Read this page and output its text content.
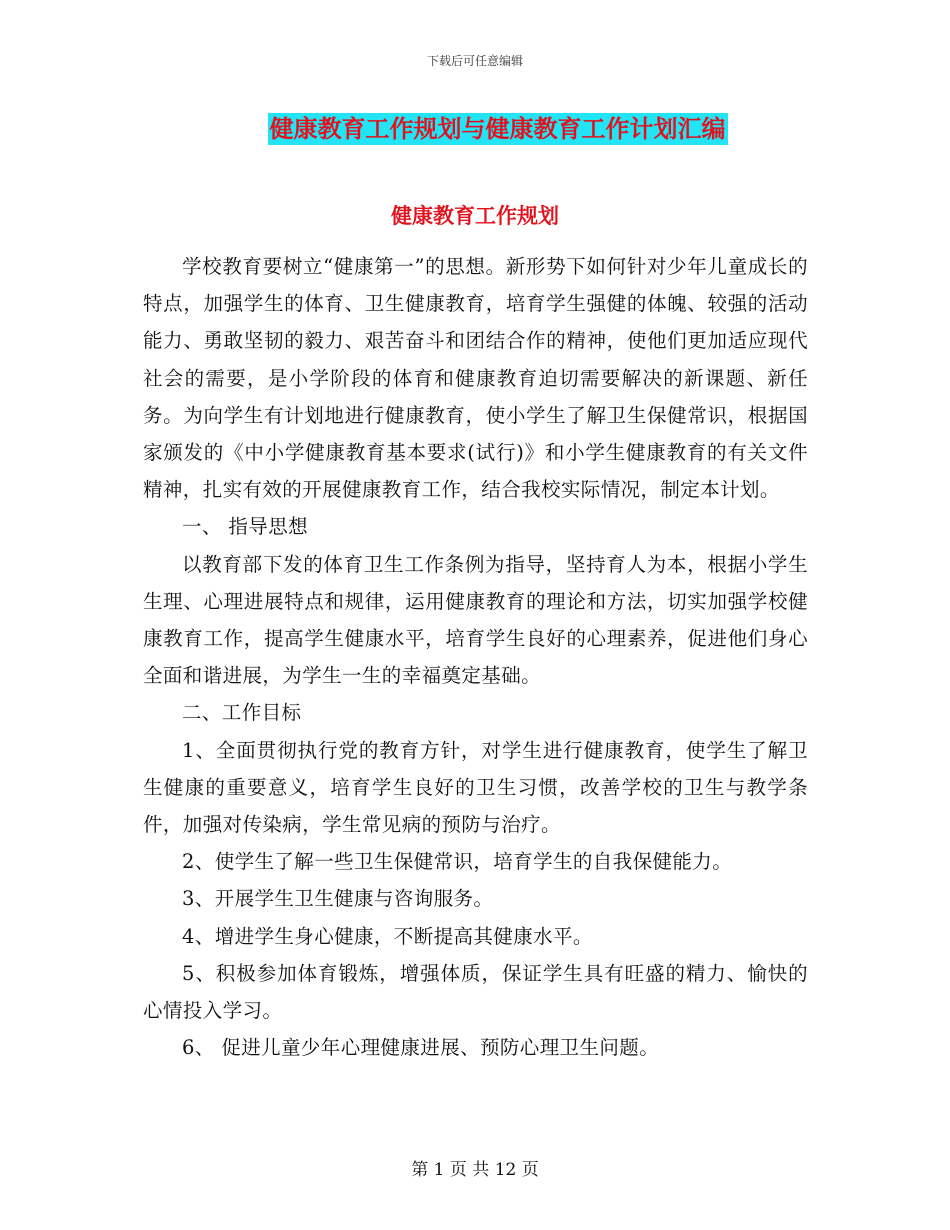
下载后可任意编辑
健康教育工作规划与健康教育工作计划汇编
健康教育工作规划

学校教育要树立“健康第一”的思想。新形势下如何针对少年儿童成长的特点，加强学生的体育、卫生健康教育，培育学生强健的体魄、较强的活动能力、勇敢坚韧的毅力、艰苦奋斗和团结合作的精神，使他们更加适应现代社会的需要，是小学阶段的体育和健康教育迫切需要解决的新课题、新任务。为向学生有计划地进行健康教育，使小学生了解卫生保健常识，根据国家颁发的《中小学健康教育基本要求(试行)》和小学生健康教育的有关文件精神，扎实有效的开展健康教育工作，结合我校实际情况，制定本计划。

一、 指导思想

以教育部下发的体育卫生工作条例为指导，坚持育人为本，根据小学生生理、心理进展特点和规律，运用健康教育的理论和方法，切实加强学校健康教育工作，提高学生健康水平，培育学生良好的心理素养，促进他们身心全面和谐进展，为学生一生的幸福奠定基础。

二、工作目标

1、全面贯彻执行党的教育方针，对学生进行健康教育，使学生了解卫生健康的重要意义，培育学生良好的卫生习惯，改善学校的卫生与教学条件，加强对传染病，学生常见病的预防与治疗。

2、使学生了解一些卫生保健常识，培育学生的自我保健能力。

3、开展学生卫生健康与咨询服务。

4、增进学生身心健康，不断提高其健康水平。

5、积极参加体育锻炼，增强体质，保证学生具有旺盛的精力、愉快的心情投入学习。

6、 促进儿童少年心理健康进展、预防心理卫生问题。

第 1 页 共 12 页
